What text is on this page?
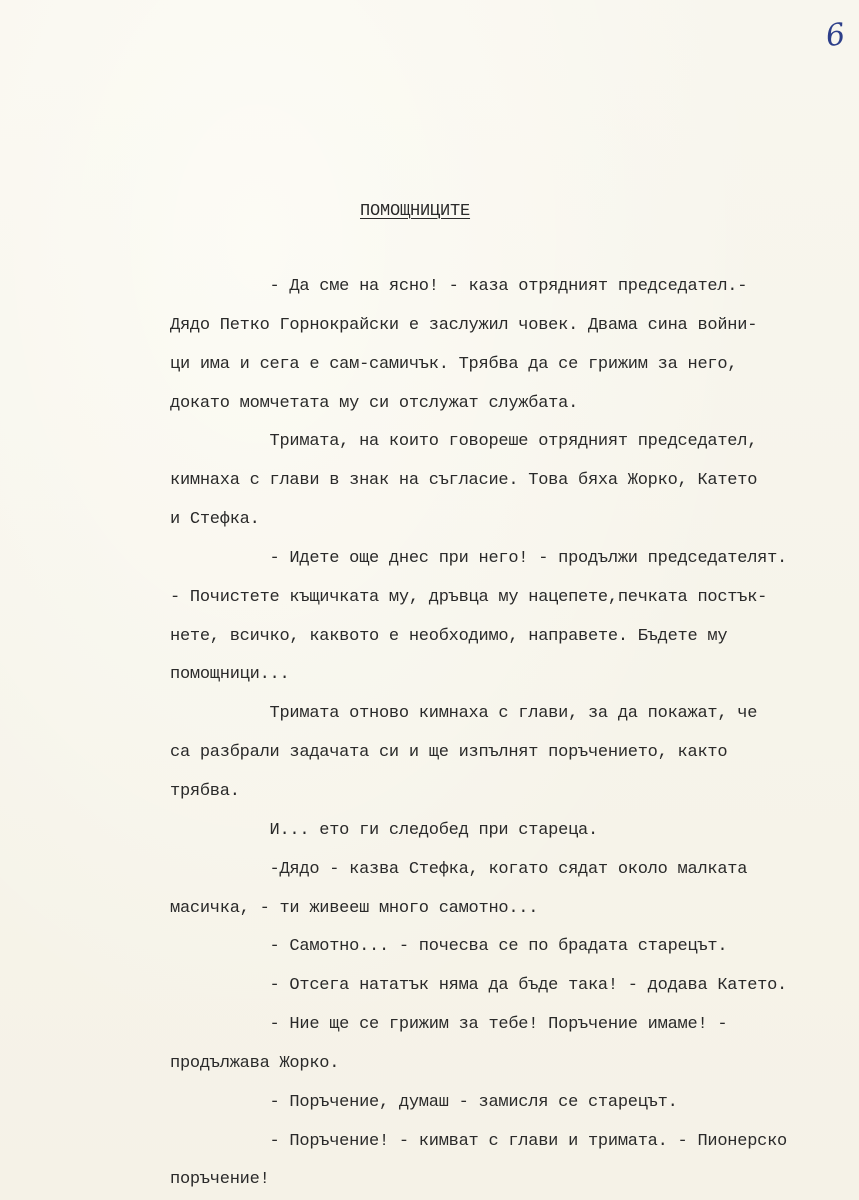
6
ПОМОЩНИЦИТЕ
- Да сме на ясно! - каза отрядният председател.-
Дядо Петко Горнокрайски е заслужил човек. Двама сина войни-
ци има и сега е сам-самичък. Трябва да се грижим за него,
докато момчетата му си отслужат службата.
Тримата, на които говореше отрядният председател,
кимнаха с глави в знак на съгласие. Това бяха Жорко, Катето
и Стефка.
- Идете още днес при него! - продължи председателят.
- Почистете къщичката му, дръвца му нацепете,печката постък-
нете, всичко, каквото е необходимо, направете. Бъдете му
помощници...
Тримата отново кимнаха с глави, за да покажат, че
са разбрали задачата си и ще изпълнят поръчението, както
трябва.
И... ето ги следобед при стареца.
-Дядо - казва Стефка, когато сядат около малката
масичка, - ти живееш много самотно...
- Самотно... - почесва се по брадата старецът.
- Отсега нататък няма да бъде така! - додава Катето.
- Ние ще се грижим за тебе! Поръчение имаме! -
продължава Жорко.
- Поръчение, думаш - замисля се старецът.
- Поръчение! - кимват с глави и тримата. - Пионерско
поръчение!
